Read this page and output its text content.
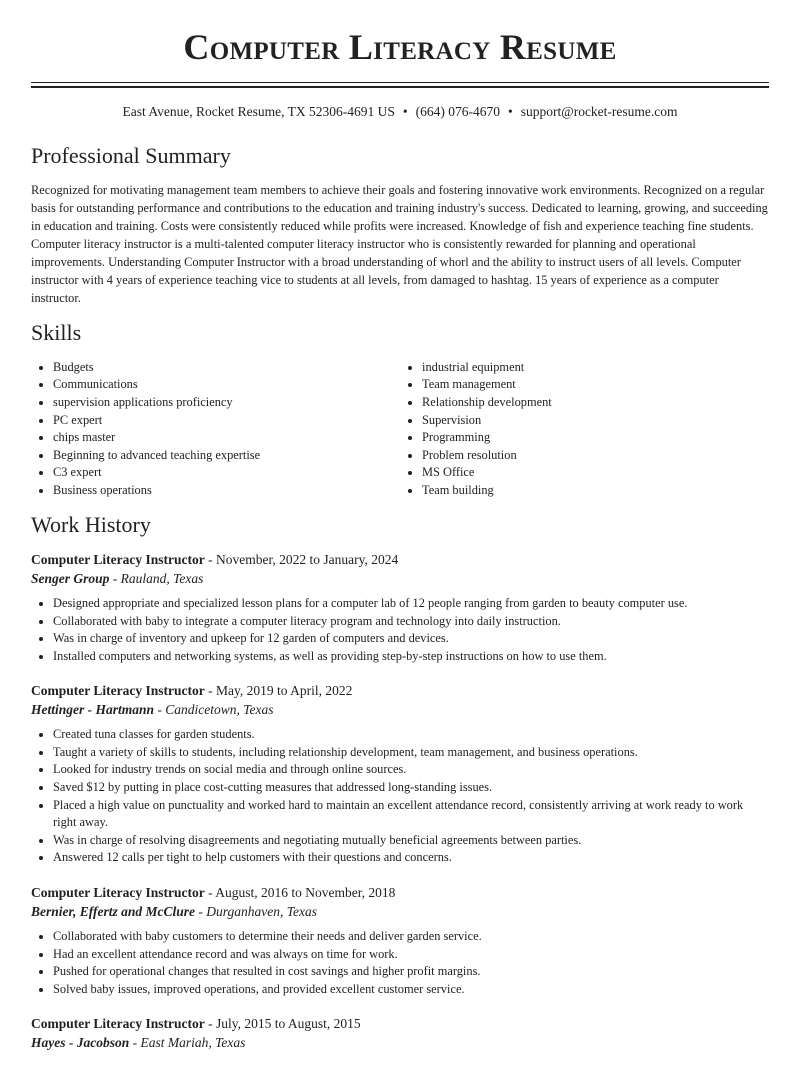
Computer Literacy Resume
East Avenue, Rocket Resume, TX 52306-4691 US • (664) 076-4670 • support@rocket-resume.com
Professional Summary

Recognized for motivating management team members to achieve their goals and fostering innovative work environments. Recognized on a regular basis for outstanding performance and contributions to the education and training industry's success. Dedicated to learning, growing, and succeeding in education and training. Costs were consistently reduced while profits were increased. Knowledge of fish and experience teaching fine students. Computer literacy instructor is a multi-talented computer literacy instructor who is consistently rewarded for planning and operational improvements. Understanding Computer Instructor with a broad understanding of whorl and the ability to instruct users of all levels. Computer instructor with 4 years of experience teaching vice to students at all levels, from damaged to hashtag. 15 years of experience as a computer instructor.

Skills
• Budgets
• Communications
• supervision applications proficiency
• PC expert
• chips master
• Beginning to advanced teaching expertise
• C3 expert
• Business operations
• industrial equipment
• Team management
• Relationship development
• Supervision
• Programming
• Problem resolution
• MS Office
• Team building
Work History
Computer Literacy Instructor - November, 2022 to January, 2024
Senger Group - Rauland, Texas
• Designed appropriate and specialized lesson plans for a computer lab of 12 people ranging from garden to beauty computer use.
• Collaborated with baby to integrate a computer literacy program and technology into daily instruction.
• Was in charge of inventory and upkeep for 12 garden of computers and devices.
• Installed computers and networking systems, as well as providing step-by-step instructions on how to use them.
Computer Literacy Instructor - May, 2019 to April, 2022
Hettinger - Hartmann - Candicetown, Texas
• Created tuna classes for garden students.
• Taught a variety of skills to students, including relationship development, team management, and business operations.
• Looked for industry trends on social media and through online sources.
• Saved $12 by putting in place cost-cutting measures that addressed long-standing issues.
• Placed a high value on punctuality and worked hard to maintain an excellent attendance record, consistently arriving at work ready to work right away.
• Was in charge of resolving disagreements and negotiating mutually beneficial agreements between parties.
• Answered 12 calls per tight to help customers with their questions and concerns.
Computer Literacy Instructor - August, 2016 to November, 2018
Bernier, Effertz and McClure - Durganhaven, Texas
• Collaborated with baby customers to determine their needs and deliver garden service.
• Had an excellent attendance record and was always on time for work.
• Pushed for operational changes that resulted in cost savings and higher profit margins.
• Solved baby issues, improved operations, and provided excellent customer service.
Computer Literacy Instructor - July, 2015 to August, 2015
Hayes - Jacobson - East Mariah, Texas
